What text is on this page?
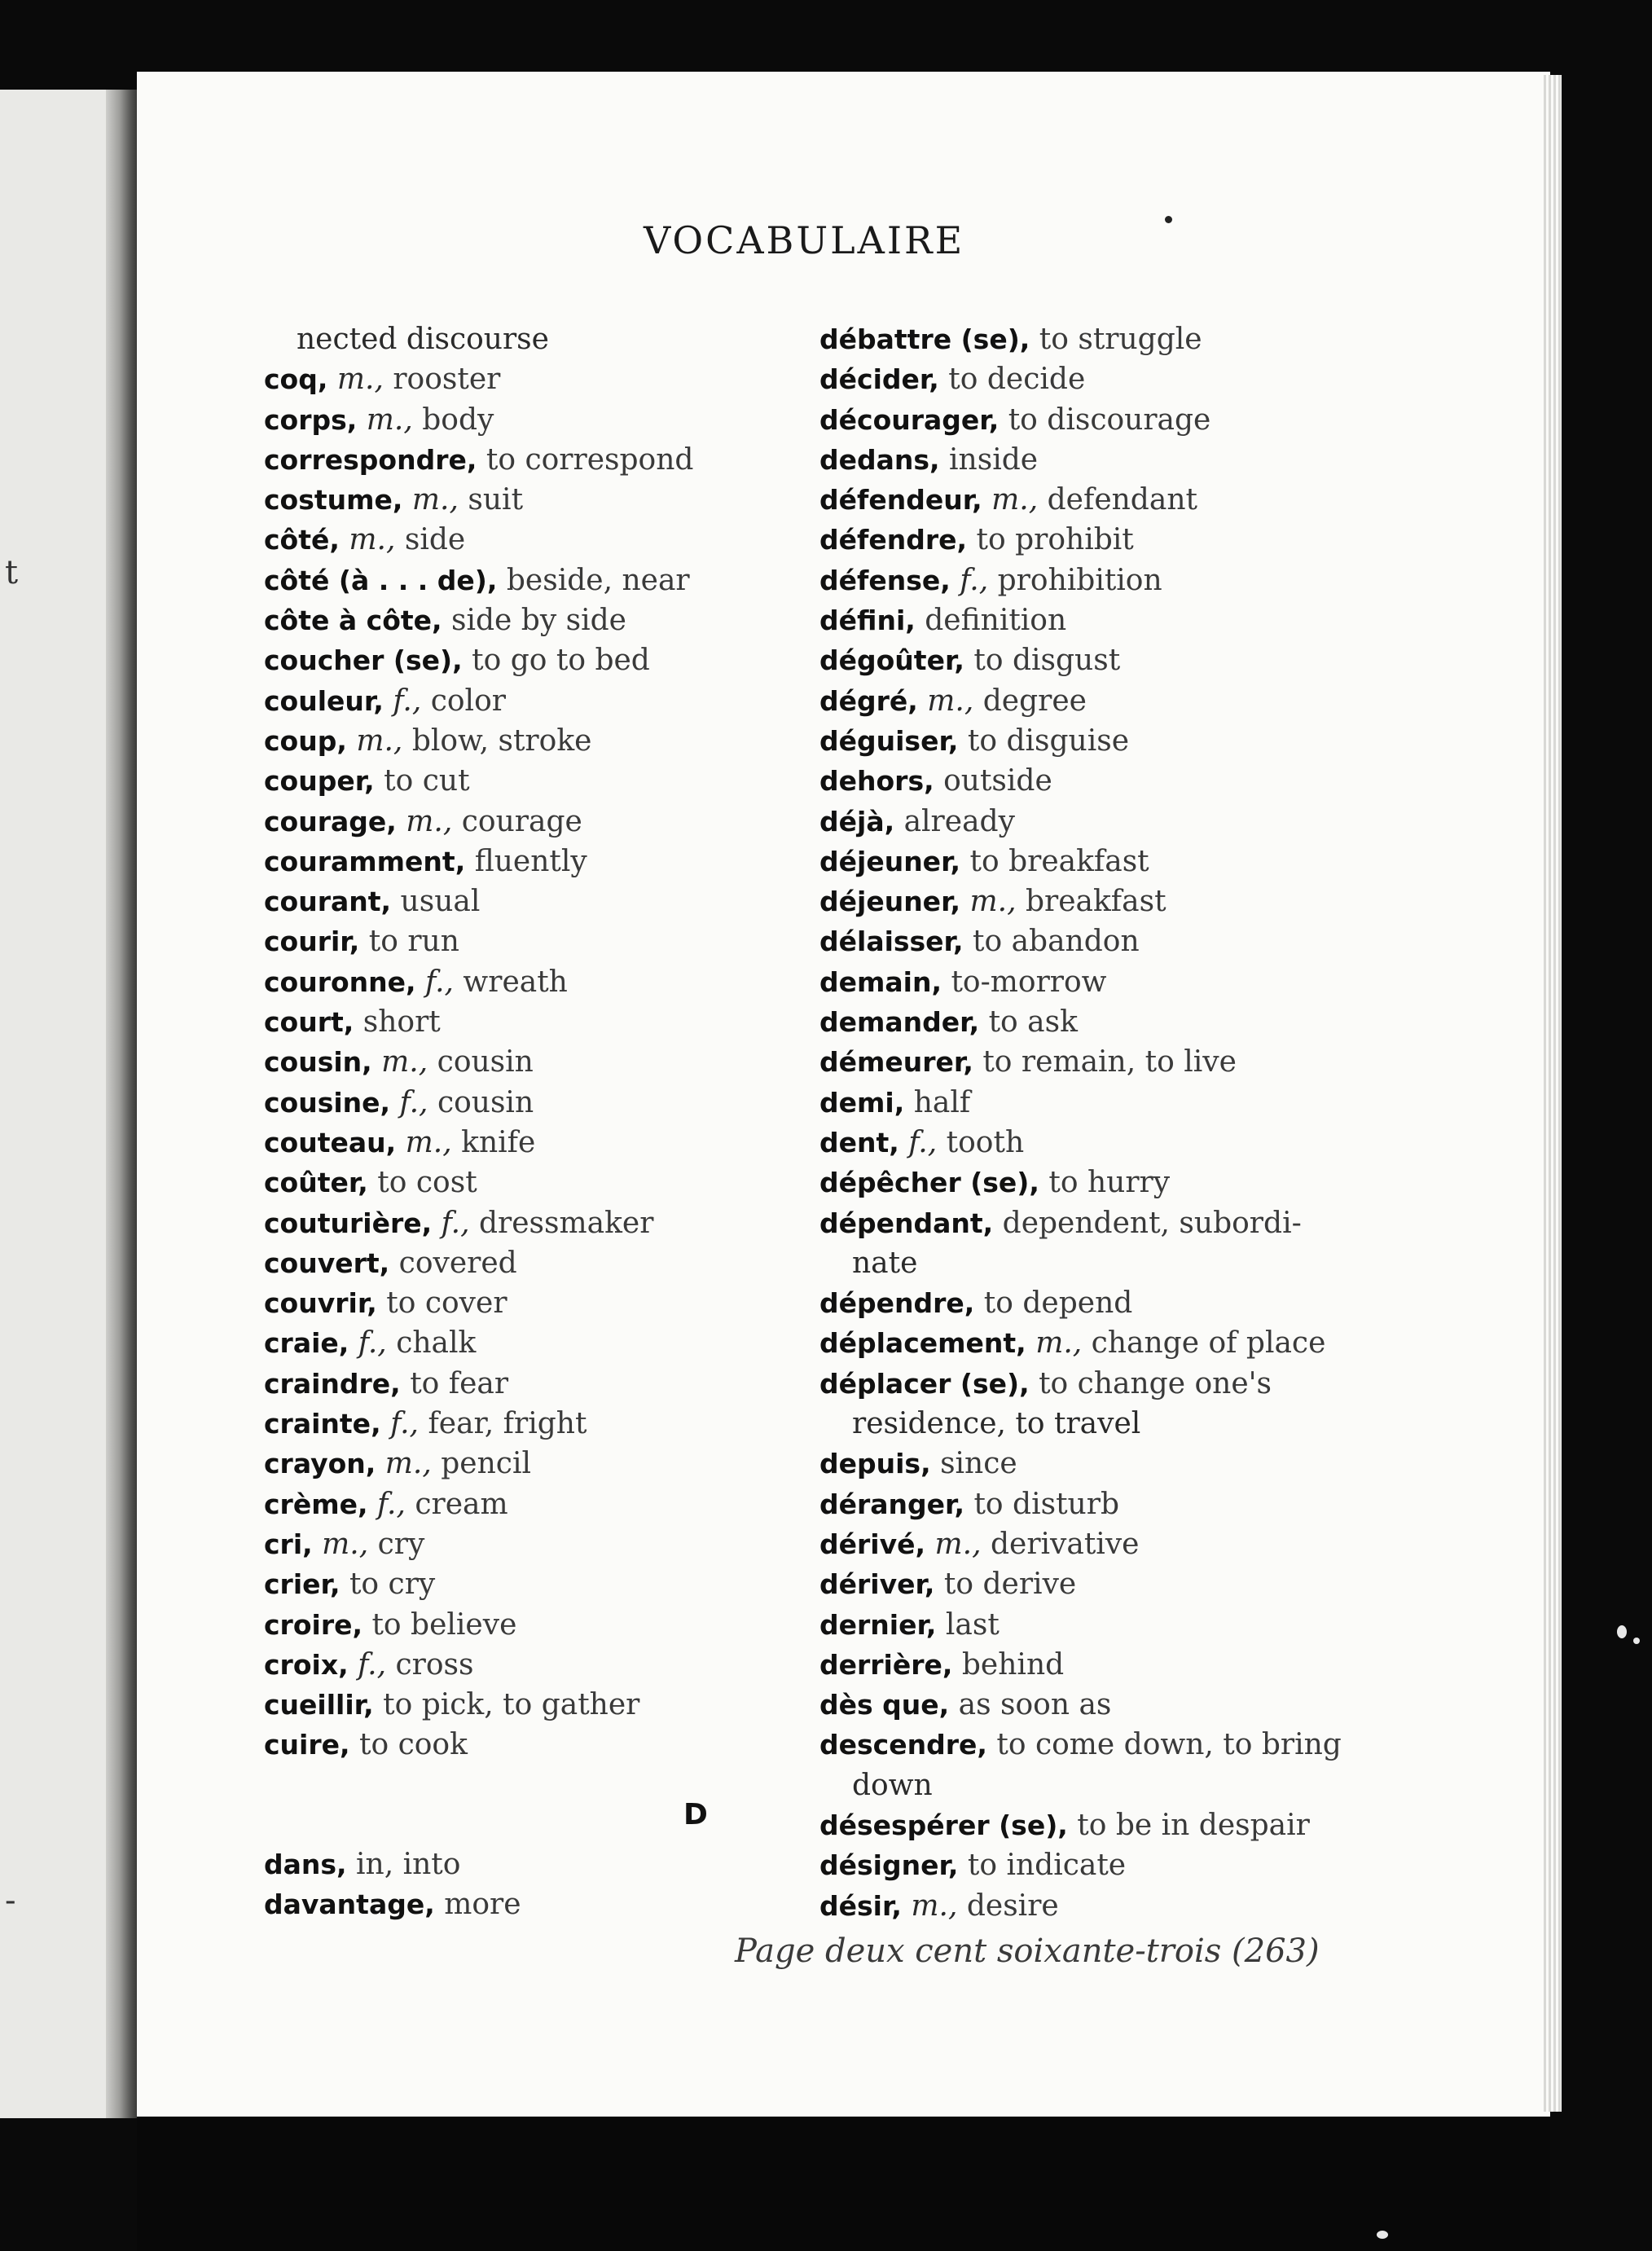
t
-
VOCABULAIRE
nected discourse
coq, m., rooster
corps, m., body
correspondre, to correspond
costume, m., suit
côté, m., side
côté (à . . . de), beside, near
côte à côte, side by side
coucher (se), to go to bed
couleur, f., color
coup, m., blow, stroke
couper, to cut
courage, m., courage
couramment, fluently
courant, usual
courir, to run
couronne, f., wreath
court, short
cousin, m., cousin
cousine, f., cousin
couteau, m., knife
coûter, to cost
couturière, f., dressmaker
couvert, covered
couvrir, to cover
craie, f., chalk
craindre, to fear
crainte, f., fear, fright
crayon, m., pencil
crème, f., cream
cri, m., cry
crier, to cry
croire, to believe
croix, f., cross
cueillir, to pick, to gather
cuire, to cook
D
dans, in, into
davantage, more
débattre (se), to struggle
décider, to decide
décourager, to discourage
dedans, inside
défendeur, m., defendant
défendre, to prohibit
défense, f., prohibition
défini, definition
dégoûter, to disgust
dégré, m., degree
déguiser, to disguise
dehors, outside
déjà, already
déjeuner, to breakfast
déjeuner, m., breakfast
délaisser, to abandon
demain, to-morrow
demander, to ask
démeurer, to remain, to live
demi, half
dent, f., tooth
dépêcher (se), to hurry
dépendant, dependent, subordi-
nate
dépendre, to depend
déplacement, m., change of place
déplacer (se), to change one's
residence, to travel
depuis, since
déranger, to disturb
dérivé, m., derivative
dériver, to derive
dernier, last
derrière, behind
dès que, as soon as
descendre, to come down, to bring
down
désespérer (se), to be in despair
désigner, to indicate
désir, m., desire
Page deux cent soixante-trois (263)
